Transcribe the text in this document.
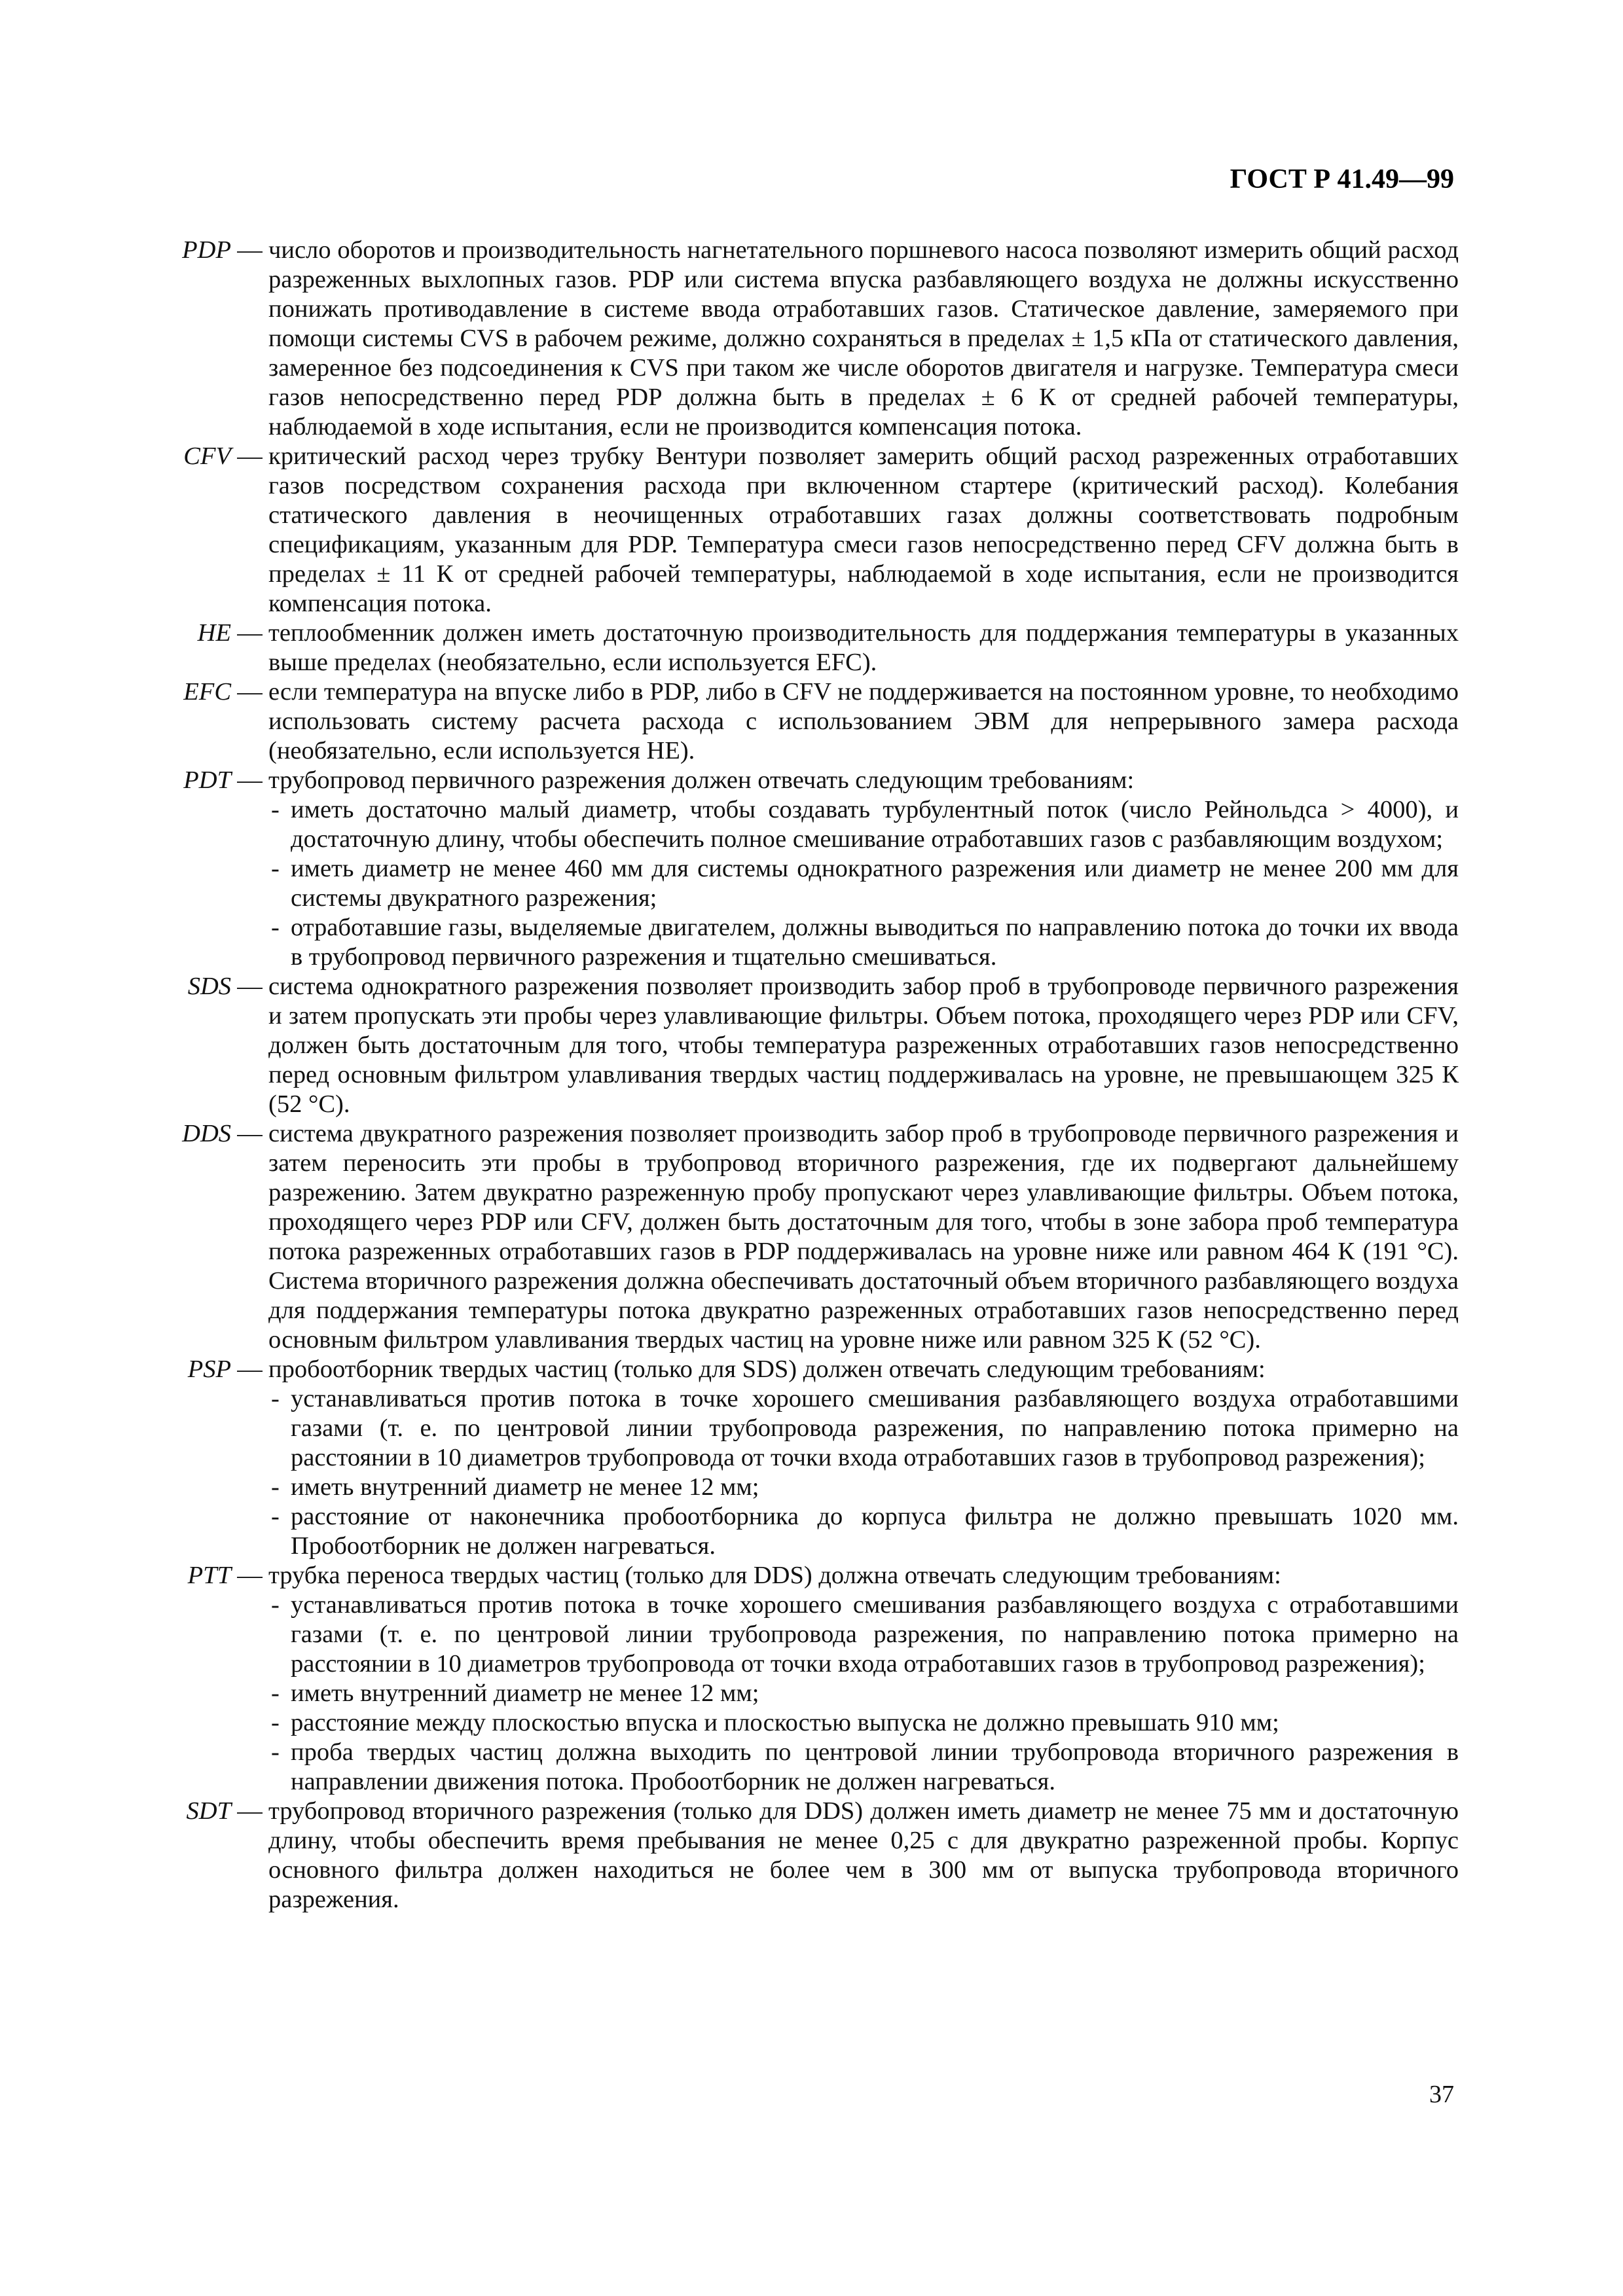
ГОСТ Р 41.49—99
PDP — число оборотов и производительность нагнетательного поршневого насоса позволяют измерить общий расход разреженных выхлопных газов. PDP или система впуска разбавляющего воздуха не должны искусственно понижать противодавление в системе ввода отработавших газов. Статическое давление, замеряемого при помощи системы CVS в рабочем режиме, должно сохраняться в пределах ± 1,5 кПа от статического давления, замеренное без подсоединения к CVS при таком же числе оборотов двигателя и нагрузке. Температура смеси газов непосредственно перед PDP должна быть в пределах ± 6 К от средней рабочей температуры, наблюдаемой в ходе испытания, если не производится компенсация потока.

CFV — критический расход через трубку Вентури позволяет замерить общий расход разреженных отработавших газов посредством сохранения расхода при включенном стартере (критический расход). Колебания статического давления в неочищенных отработавших газах должны соответствовать подробным спецификациям, указанным для PDP. Температура смеси газов непосредственно перед CFV должна быть в пределах ± 11 К от средней рабочей температуры, наблюдаемой в ходе испытания, если не производится компенсация потока.

HE — теплообменник должен иметь достаточную производительность для поддержания температуры в указанных выше пределах (необязательно, если используется EFC).

EFC — если температура на впуске либо в PDP, либо в CFV не поддерживается на постоянном уровне, то необходимо использовать систему расчета расхода с использованием ЭВМ для непрерывного замера расхода (необязательно, если используется HE).

PDT — трубопровод первичного разрежения должен отвечать следующим требованиям:

- иметь достаточно малый диаметр, чтобы создавать турбулентный поток (число Рейнольдса > 4000), и достаточную длину, чтобы обеспечить полное смешивание отработавших газов с разбавляющим воздухом;
- иметь диаметр не менее 460 мм для системы однократного разрежения или диаметр не менее 200 мм для системы двукратного разрежения;
- отработавшие газы, выделяемые двигателем, должны выводиться по направлению потока до точки их ввода в трубопровод первичного разрежения и тщательно смешиваться.
SDS — система однократного разрежения позволяет производить забор проб в трубопроводе первичного разрежения и затем пропускать эти пробы через улавливающие фильтры. Объем потока, проходящего через PDP или CFV, должен быть достаточным для того, чтобы температура разреженных отработавших газов непосредственно перед основным фильтром улавливания твердых частиц поддерживалась на уровне, не превышающем 325 К (52 °С).

DDS — система двукратного разрежения позволяет производить забор проб в трубопроводе первичного разрежения и затем переносить эти пробы в трубопровод вторичного разрежения, где их подвергают дальнейшему разрежению. Затем двукратно разреженную пробу пропускают через улавливающие фильтры. Объем потока, проходящего через PDP или CFV, должен быть достаточным для того, чтобы в зоне забора проб температура потока разреженных отработавших газов в PDP поддерживалась на уровне ниже или равном 464 К (191 °С). Система вторичного разрежения должна обеспечивать достаточный объем вторичного разбавляющего воздуха для поддержания температуры потока двукратно разреженных отработавших газов непосредственно перед основным фильтром улавливания твердых частиц на уровне ниже или равном 325 К (52 °С).

PSP — пробоотборник твердых частиц (только для SDS) должен отвечать следующим требованиям:

- устанавливаться против потока в точке хорошего смешивания разбавляющего воздуха отработавшими газами (т. е. по центровой линии трубопровода разрежения, по направлению потока примерно на расстоянии в 10 диаметров трубопровода от точки входа отработавших газов в трубопровод разрежения);
- иметь внутренний диаметр не менее 12 мм;
- расстояние от наконечника пробоотборника до корпуса фильтра не должно превышать 1020 мм. Пробоотборник не должен нагреваться.
PTT — трубка переноса твердых частиц (только для DDS) должна отвечать следующим требованиям:

- устанавливаться против потока в точке хорошего смешивания разбавляющего воздуха с отработавшими газами (т. е. по центровой линии трубопровода разрежения, по направлению потока примерно на расстоянии в 10 диаметров трубопровода от точки входа отработавших газов в трубопровод разрежения);
- иметь внутренний диаметр не менее 12 мм;
- расстояние между плоскостью впуска и плоскостью выпуска не должно превышать 910 мм;
- проба твердых частиц должна выходить по центровой линии трубопровода вторичного разрежения в направлении движения потока. Пробоотборник не должен нагреваться.
SDT — трубопровод вторичного разрежения (только для DDS) должен иметь диаметр не менее 75 мм и достаточную длину, чтобы обеспечить время пребывания не менее 0,25 с для двукратно разреженной пробы. Корпус основного фильтра должен находиться не более чем в 300 мм от выпуска трубопровода вторичного разрежения.

37
